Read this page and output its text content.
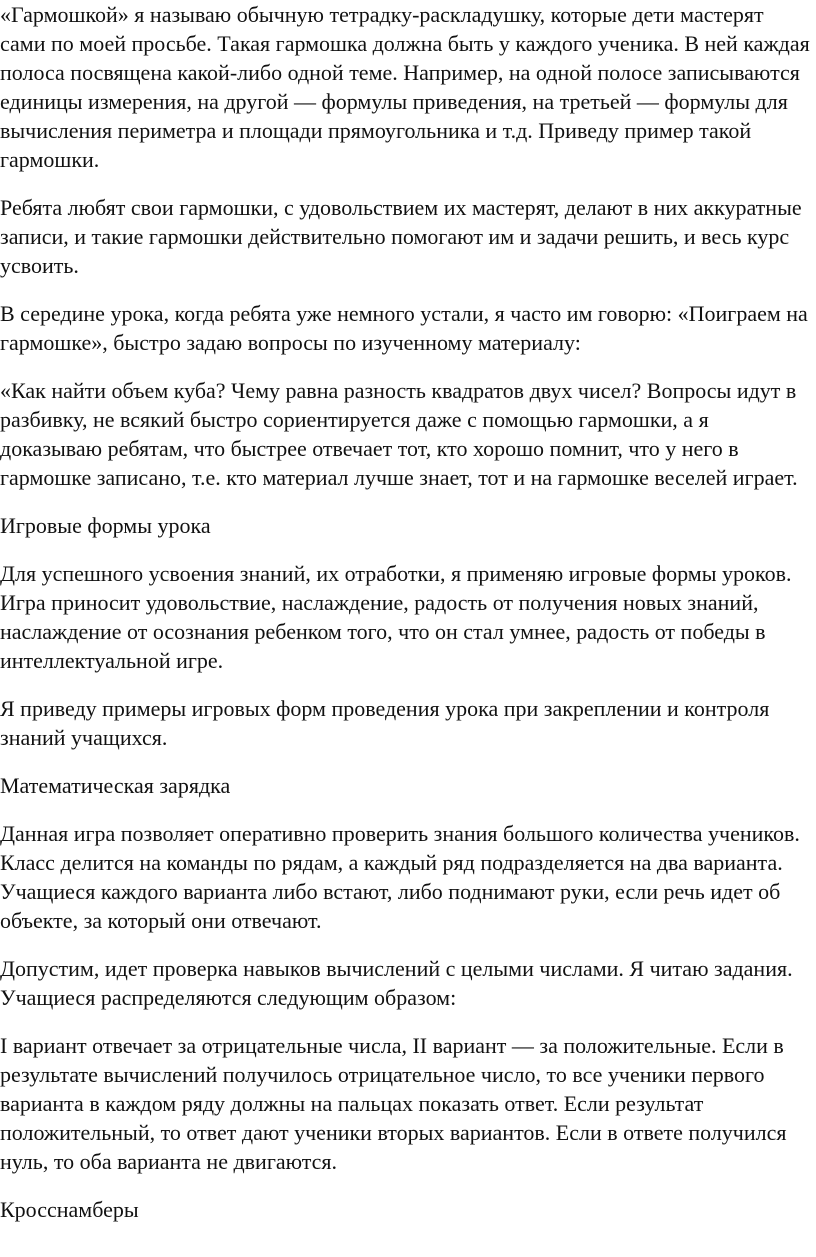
«Гармошкой» я называю обычную тетрадку-раскладушку, которые дети мастерят сами по моей просьбе. Такая гармошка должна быть у каждого ученика. В ней каждая полоса посвящена какой-либо одной теме. Например, на одной полосе записываются единицы измерения, на другой — формулы приведения, на третьей — формулы для вычисления периметра и площади прямоугольника и т.д. Приведу пример такой гармошки.

Ребята любят свои гармошки, с удовольствием их мастерят, делают в них аккуратные записи, и такие гармошки действительно помогают им и задачи решить, и весь курс усвоить.

В середине урока, когда ребята уже немного устали, я часто им говорю: «Поиграем на гармошке», быстро задаю вопросы по изученному материалу:

«Как найти объем куба? Чему равна разность квадратов двух чисел? Вопросы идут в разбивку, не всякий быстро сориентируется даже с помощью гармошки, а я доказываю ребятам, что быстрее отвечает тот, кто хорошо помнит, что у него в гармошке записано, т.е. кто материал лучше знает, тот и на гармошке веселей играет.

Игровые формы урока

Для успешного усвоения знаний, их отработки, я применяю игровые формы уроков. Игра приносит удовольствие, наслаждение, радость от получения новых знаний, наслаждение от осознания ребенком того, что он стал умнее, радость от победы в интеллектуальной игре.

Я приведу примеры игровых форм проведения урока при закреплении и контроля знаний учащихся.

Математическая зарядка

Данная игра позволяет оперативно проверить знания большого количества учеников. Класс делится на команды по рядам, а каждый ряд подразделяется на два варианта. Учащиеся каждого варианта либо встают, либо поднимают руки, если речь идет об объекте, за который они отвечают.

Допустим, идет проверка навыков вычислений с целыми числами. Я читаю задания. Учащиеся распределяются следующим образом:

I вариант отвечает за отрицательные числа, II вариант — за положительные. Если в результате вычислений получилось отрицательное число, то все ученики первого варианта в каждом ряду должны на пальцах показать ответ. Если результат положительный, то ответ дают ученики вторых вариантов. Если в ответе получился нуль, то оба варианта не двигаются.

Кросснамберы
